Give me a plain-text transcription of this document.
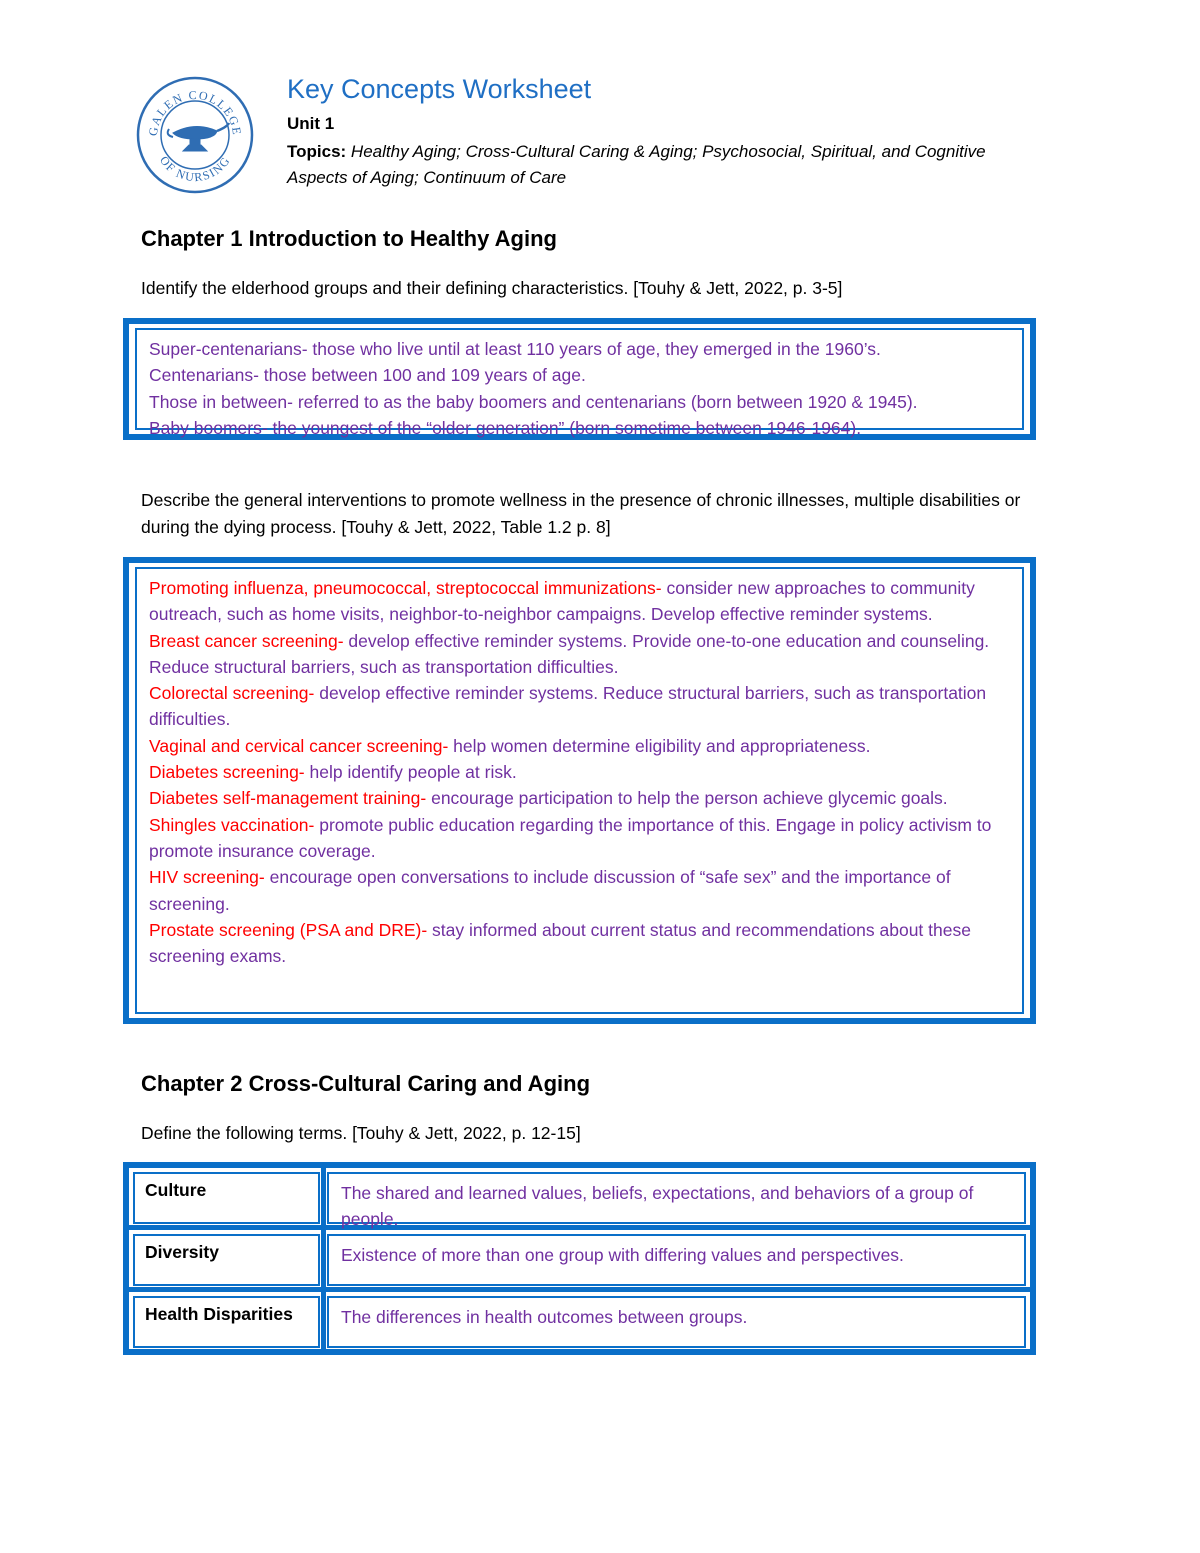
GALEN COLLEGE
OF NURSING
Key Concepts Worksheet
Unit 1
Topics: Healthy Aging; Cross-Cultural Caring & Aging; Psychosocial, Spiritual, and Cognitive Aspects of Aging; Continuum of Care
Chapter 1 Introduction to Healthy Aging
Identify the elderhood groups and their defining characteristics. [Touhy & Jett, 2022, p. 3-5]
Super-centenarians- those who live until at least 110 years of age, they emerged in the 1960’s.
Centenarians- those between 100 and 109 years of age.
Those in between- referred to as the baby boomers and centenarians (born between 1920 & 1945).
Baby boomers- the youngest of the “older generation” (born sometime between 1946-1964).
Describe the general interventions to promote wellness in the presence of chronic illnesses, multiple disabilities or during the dying process. [Touhy & Jett, 2022, Table 1.2 p. 8]
Promoting influenza, pneumococcal, streptococcal immunizations- consider new approaches to community outreach, such as home visits, neighbor-to-neighbor campaigns. Develop effective reminder systems.
Breast cancer screening- develop effective reminder systems. Provide one-to-one education and counseling. Reduce structural barriers, such as transportation difficulties.
Colorectal screening- develop effective reminder systems. Reduce structural barriers, such as transportation difficulties.
Vaginal and cervical cancer screening- help women determine eligibility and appropriateness.
Diabetes screening- help identify people at risk.
Diabetes self-management training- encourage participation to help the person achieve glycemic goals.
Shingles vaccination- promote public education regarding the importance of this. Engage in policy activism to promote insurance coverage.
HIV screening- encourage open conversations to include discussion of “safe sex” and the importance of screening.
Prostate screening (PSA and DRE)- stay informed about current status and recommendations about these screening exams.
Chapter 2 Cross-Cultural Caring and Aging
Define the following terms. [Touhy & Jett, 2022, p. 12-15]
Culture	The shared and learned values, beliefs, expectations, and behaviors of a group of people.
Diversity	Existence of more than one group with differing values and perspectives.
Health Disparities	The differences in health outcomes between groups.
